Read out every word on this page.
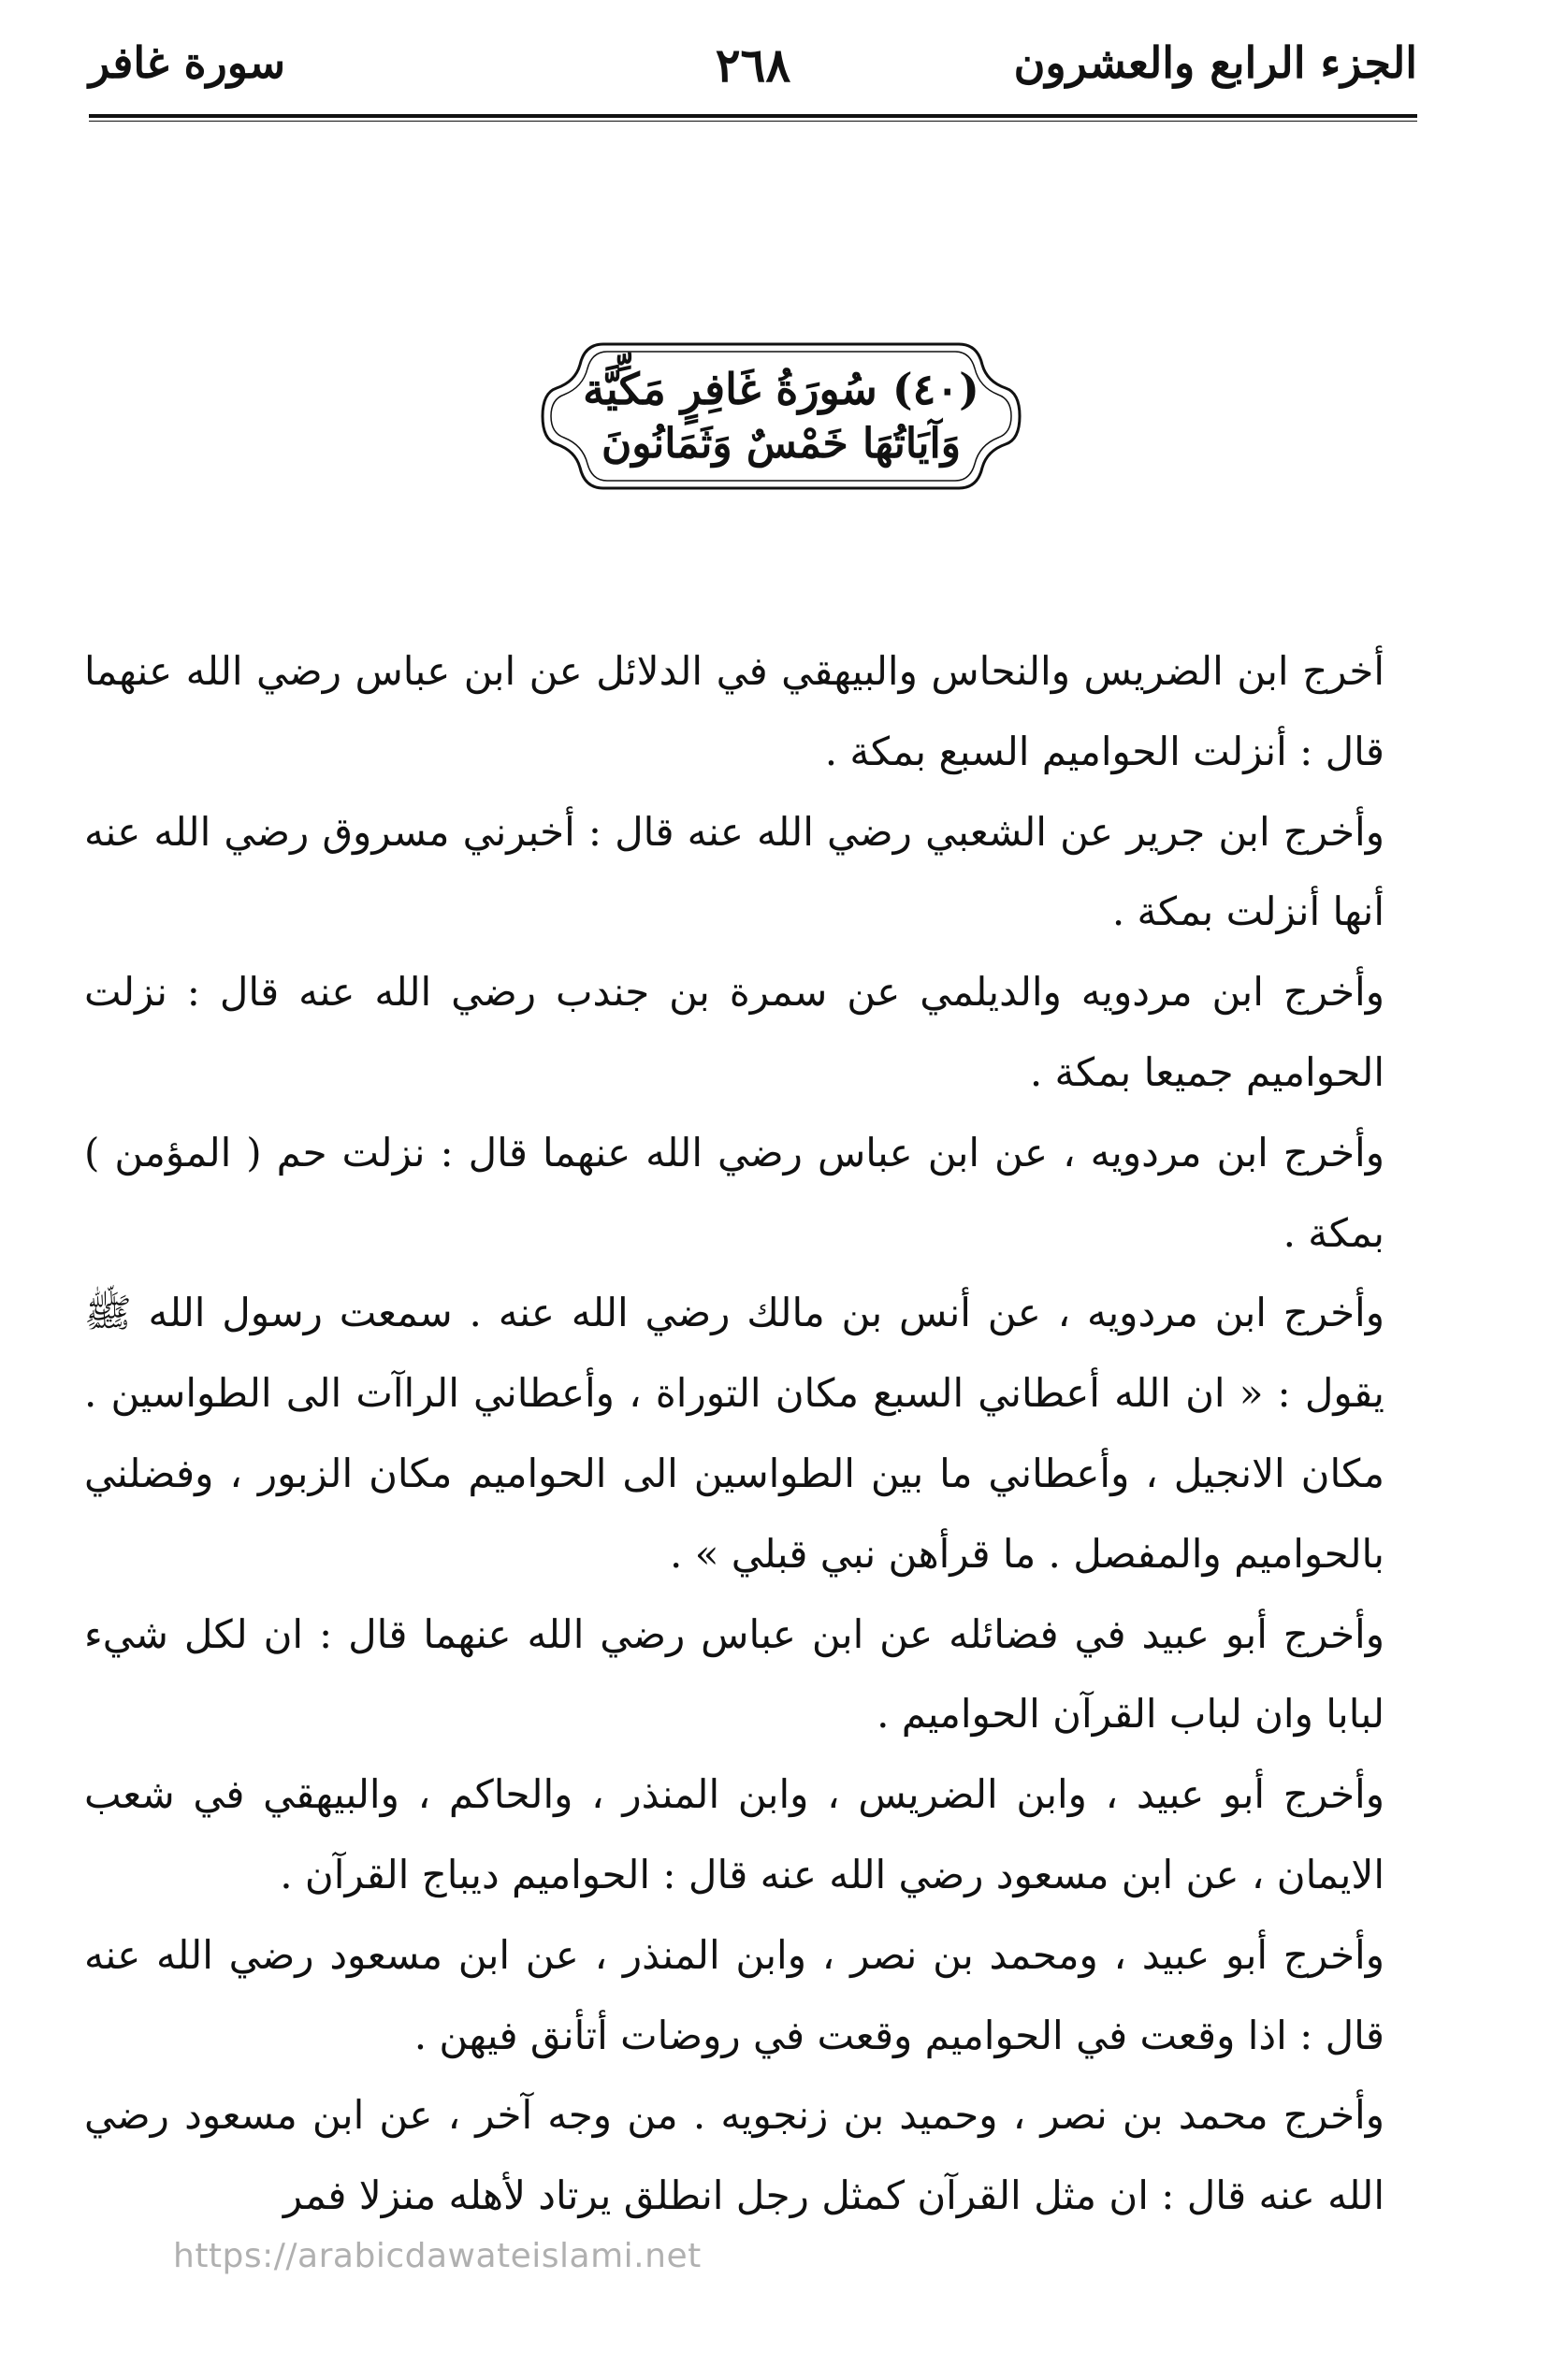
الجزء الرابع والعشرون
٢٦٨
سورة غافر
(٤٠) سُورَةُ غَافِرٍ مَكِّيَّة
وَآيَاتُهَا خَمْسٌ وَثَمَانُونَ

أخرج ابن الضريس والنحاس والبيهقي في الدلائل عن ابن عباس رضي الله عنهما قال : أنزلت الحواميم السبع بمكة .

وأخرج ابن جرير عن الشعبي رضي الله عنه قال : أخبرني مسروق رضي الله عنه أنها أنزلت بمكة .

وأخرج ابن مردويه والديلمي عن سمرة بن جندب رضي الله عنه قال : نزلت الحواميم جميعا بمكة .

وأخرج ابن مردويه ، عن ابن عباس رضي الله عنهما قال : نزلت حم ( المؤمن ) بمكة .

وأخرج ابن مردويه ، عن أنس بن مالك رضي الله عنه . سمعت رسول الله ﷺ يقول : « ان الله أعطاني السبع مكان التوراة ، وأعطاني الراآت الى الطواسين . مكان الانجيل ، وأعطاني ما بين الطواسين الى الحواميم مكان الزبور ، وفضلني بالحواميم والمفصل . ما قرأهن نبي قبلي » .

وأخرج أبو عبيد في فضائله عن ابن عباس رضي الله عنهما قال : ان لكل شيء لبابا وان لباب القرآن الحواميم .

وأخرج أبو عبيد ، وابن الضريس ، وابن المنذر ، والحاكم ، والبيهقي في شعب الايمان ، عن ابن مسعود رضي الله عنه قال : الحواميم ديباج القرآن .

وأخرج أبو عبيد ، ومحمد بن نصر ، وابن المنذر ، عن ابن مسعود رضي الله عنه قال : اذا وقعت في الحواميم وقعت في روضات أتأنق فيهن .

وأخرج محمد بن نصر ، وحميد بن زنجويه . من وجه آخر ، عن ابن مسعود رضي الله عنه قال : ان مثل القرآن كمثل رجل انطلق يرتاد لأهله منزلا فمر

https://arabicdawateislami.net
